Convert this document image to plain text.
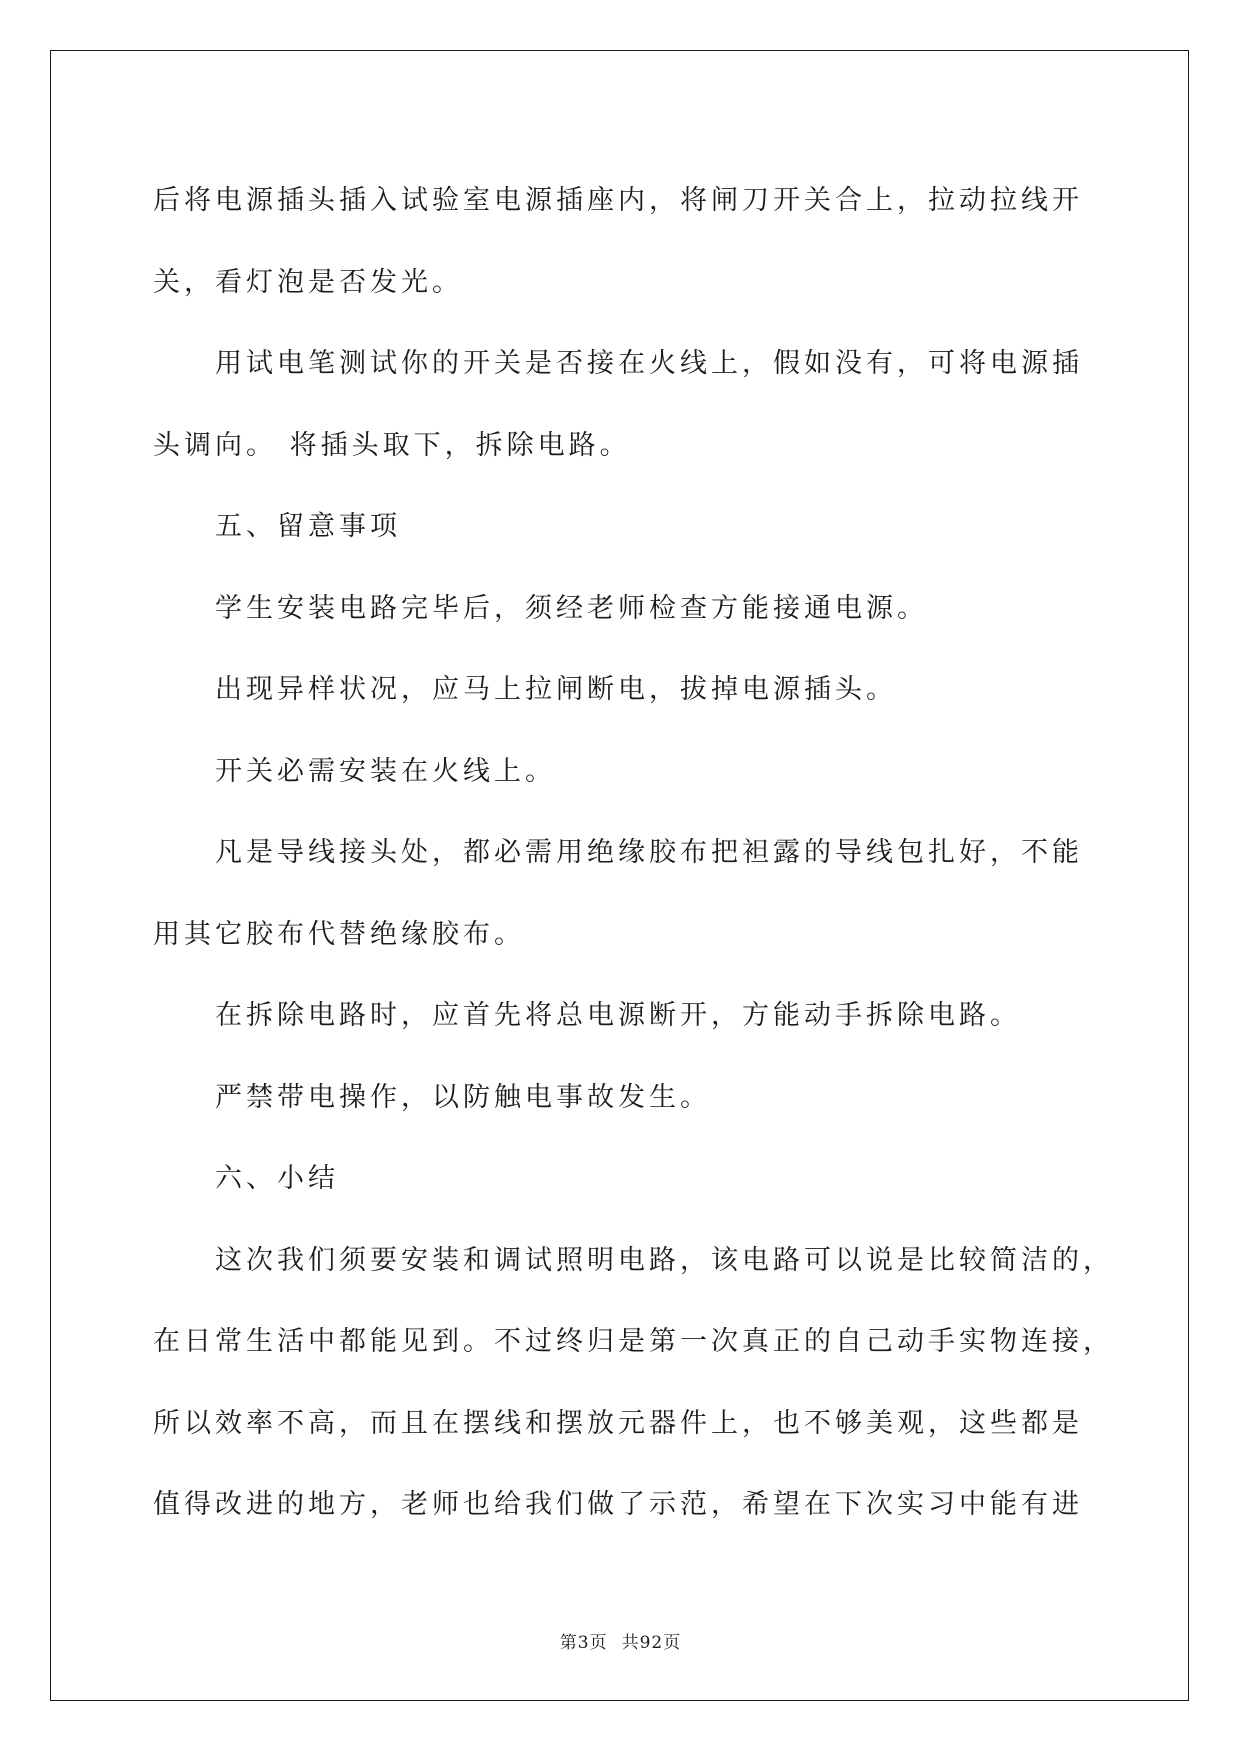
后将电源插头插入试验室电源插座内，将闸刀开关合上，拉动拉线开

关，看灯泡是否发光。

用试电笔测试你的开关是否接在火线上，假如没有，可将电源插

头调向。 将插头取下，拆除电路。

五、留意事项

学生安装电路完毕后，须经老师检查方能接通电源。

出现异样状况，应马上拉闸断电，拔掉电源插头。

开关必需安装在火线上。

凡是导线接头处，都必需用绝缘胶布把袒露的导线包扎好，不能

用其它胶布代替绝缘胶布。

在拆除电路时，应首先将总电源断开，方能动手拆除电路。

严禁带电操作，以防触电事故发生。

六、小结

这次我们须要安装和调试照明电路，该电路可以说是比较简洁的，

在日常生活中都能见到。不过终归是第一次真正的自己动手实物连接，

所以效率不高，而且在摆线和摆放元器件上，也不够美观，这些都是

值得改进的地方，老师也给我们做了示范，希望在下次实习中能有进

第3页 共92页
